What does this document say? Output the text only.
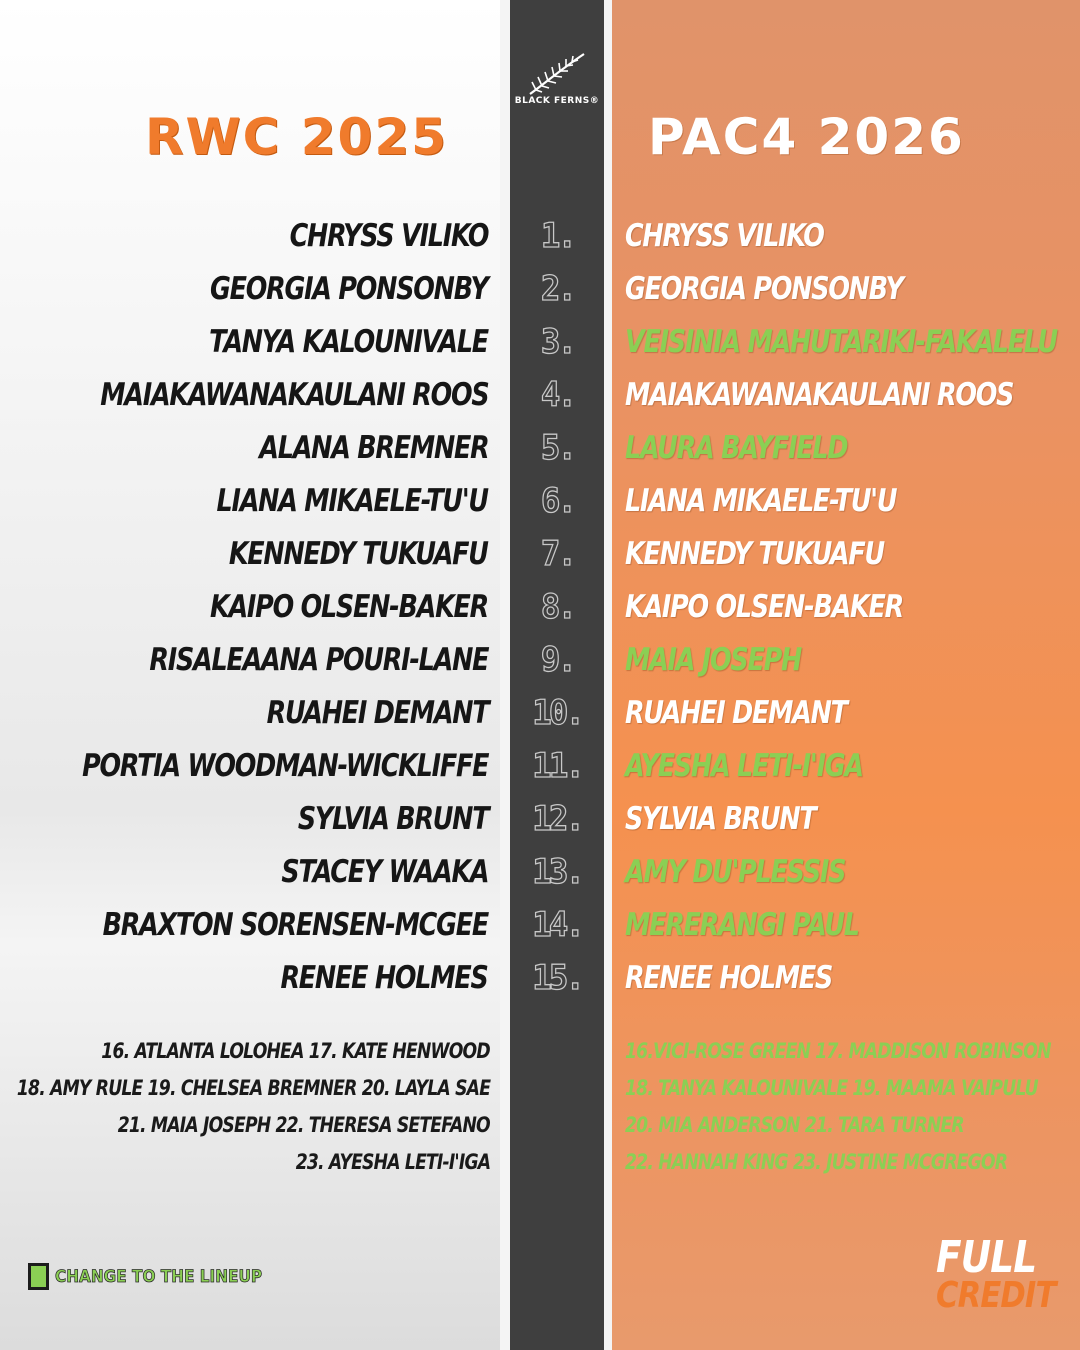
BLACK FERNS®
RWC 2025	PAC4 2026
CHRYSS VILIKO
GEORGIA PONSONBY
TANYA KALOUNIVALE
MAIAKAWANAKAULANI ROOS
ALANA BREMNER
LIANA MIKAELE-TU'U
KENNEDY TUKUAFU
KAIPO OLSEN-BAKER
RISALEAANA POURI-LANE
RUAHEI DEMANT
PORTIA WOODMAN-WICKLIFFE
SYLVIA BRUNT
STACEY WAAKA
BRAXTON SORENSEN-MCGEE
RENEE HOLMES
1.
2.
3.
4.
5.
6.
7.
8.
9.
10.
11.
12.
13.
14.
15.
CHRYSS VILIKO
GEORGIA PONSONBY
VEISINIA MAHUTARIKI-FAKALELU
MAIAKAWANAKAULANI ROOS
LAURA BAYFIELD
LIANA MIKAELE-TU'U
KENNEDY TUKUAFU
KAIPO OLSEN-BAKER
MAIA JOSEPH
RUAHEI DEMANT
AYESHA LETI-I'IGA
SYLVIA BRUNT
AMY DU'PLESSIS
MERERANGI PAUL
RENEE HOLMES
16. ATLANTA LOLOHEA 17. KATE HENWOOD
18. AMY RULE 19. CHELSEA BREMNER 20. LAYLA SAE
21. MAIA JOSEPH 22. THERESA SETEFANO
23. AYESHA LETI-I'IGA
16.VICI-ROSE GREEN 17. MADDISON ROBINSON
18. TANYA KALOUNIVALE 19. MAAMA VAIPULU
20. MIA ANDERSON 21. TARA TURNER
22. HANNAH KING 23. JUSTINE MCGREGOR
CHANGE TO THE LINEUP	FULL
CREDIT
